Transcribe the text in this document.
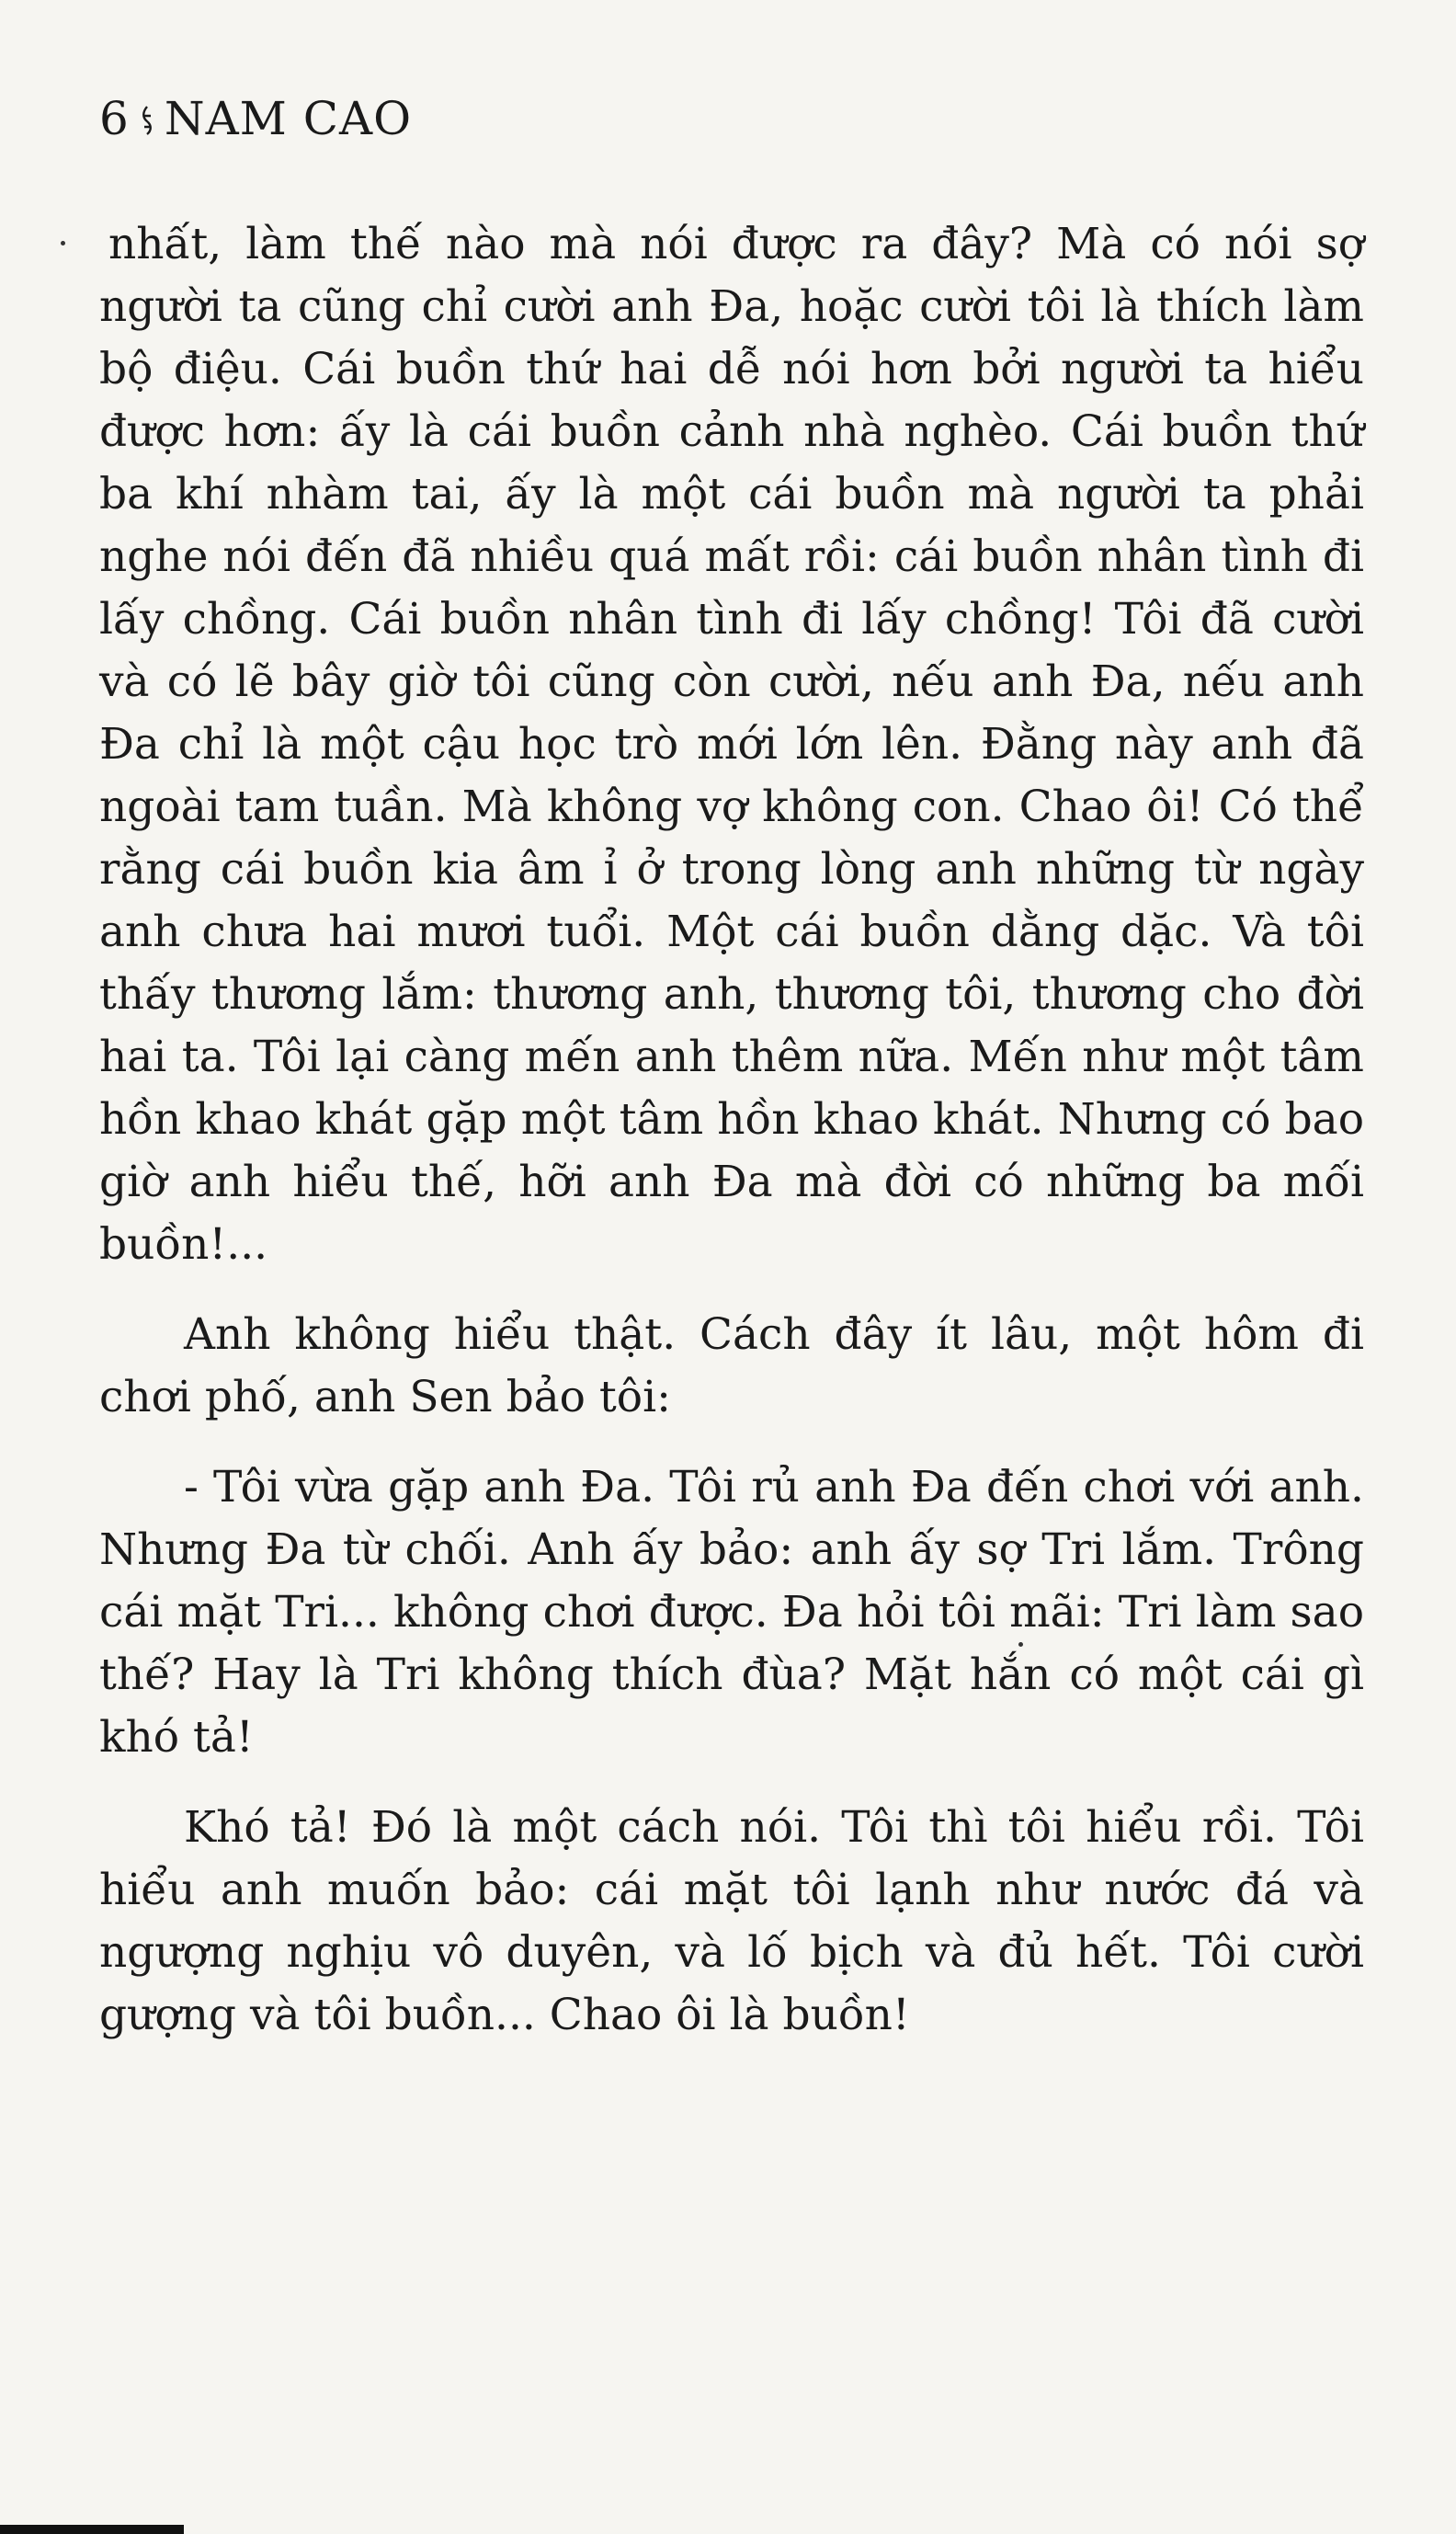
6 NAM CAO

nhất, làm thế nào mà nói được ra đây? Mà có nói sợ người ta cũng chỉ cười anh Đa, hoặc cười tôi là thích làm bộ điệu. Cái buồn thứ hai dễ nói hơn bởi người ta hiểu được hơn: ấy là cái buồn cảnh nhà nghèo. Cái buồn thứ ba khí nhàm tai, ấy là một cái buồn mà người ta phải nghe nói đến đã nhiều quá mất rồi: cái buồn nhân tình đi lấy chồng. Cái buồn nhân tình đi lấy chồng! Tôi đã cười và có lẽ bây giờ tôi cũng còn cười, nếu anh Đa, nếu anh Đa chỉ là một cậu học trò mới lớn lên. Đằng này anh đã ngoài tam tuần. Mà không vợ không con. Chao ôi! Có thể rằng cái buồn kia âm ỉ ở trong lòng anh những từ ngày anh chưa hai mươi tuổi. Một cái buồn dằng dặc. Và tôi thấy thương lắm: thương anh, thương tôi, thương cho đời hai ta. Tôi lại càng mến anh thêm nữa. Mến như một tâm hồn khao khát gặp một tâm hồn khao khát. Nhưng có bao giờ anh hiểu thế, hỡi anh Đa mà đời có những ba mối buồn!...

Anh không hiểu thật. Cách đây ít lâu, một hôm đi chơi phố, anh Sen bảo tôi:

- Tôi vừa gặp anh Đa. Tôi rủ anh Đa đến chơi với anh. Nhưng Đa từ chối. Anh ấy bảo: anh ấy sợ Tri lắm. Trông cái mặt Tri... không chơi được. Đa hỏi tôi mãi: Tri làm sao thế? Hay là Tri không thích đùa? Mặt hắn có một cái gì khó tả!

Khó tả! Đó là một cách nói. Tôi thì tôi hiểu rồi. Tôi hiểu anh muốn bảo: cái mặt tôi lạnh như nước đá và ngượng nghịu vô duyên, và lố bịch và đủ hết. Tôi cười gượng và tôi buồn... Chao ôi là buồn!
